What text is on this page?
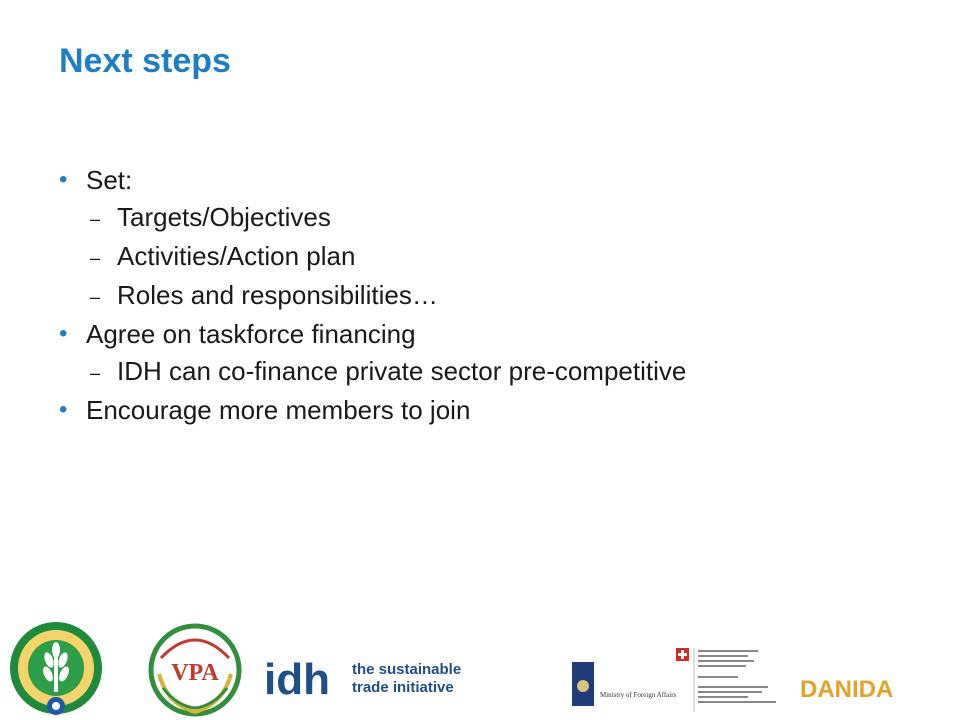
Next steps
• Set:
– Targets/Objectives
– Activities/Action plan
– Roles and responsibilities…
• Agree on taskforce financing
– IDH can co-finance private sector pre-competitive
• Encourage more members to join
VPA idh the sustainable
trade initiative	Ministry of Foreign Affairs	DANIDA
